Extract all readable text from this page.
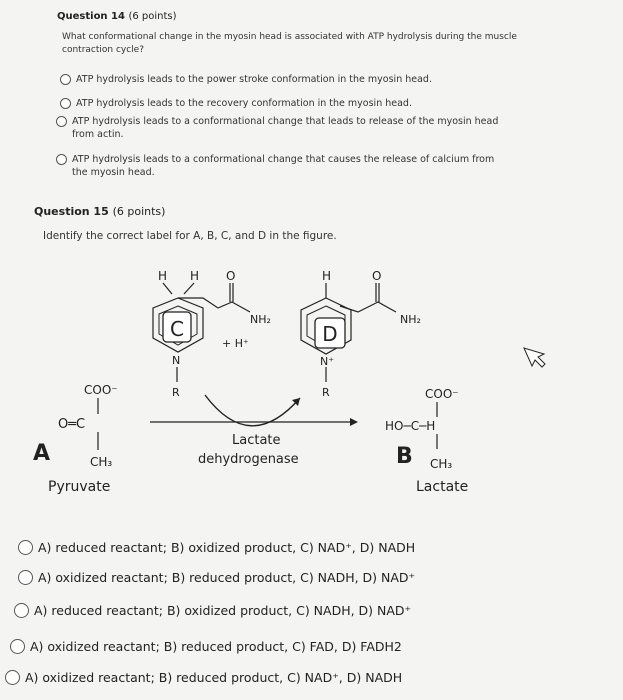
Question 14 (6 points)
What conformational change in the myosin head is associated with ATP hydrolysis during the muscle contraction cycle?
ATP hydrolysis leads to the power stroke conformation in the myosin head.
ATP hydrolysis leads to the recovery conformation in the myosin head.
ATP hydrolysis leads to a conformational change that leads to release of the myosin head from actin.
ATP hydrolysis leads to a conformational change that causes the release of calcium from the myosin head.
Question 15 (6 points)
Identify the correct label for A, B, C, and D in the figure.
H H O
C
N
R
NH₂
+ H⁺
H	O
D
N⁺
R
NH₂
Lactate
dehydrogenase
COO⁻
O═C
A	CH₃
Pyruvate
COO⁻
HO─C─H
B CH₃
Lactate
A) reduced reactant; B) oxidized product, C) NAD⁺, D) NADH
A) oxidized reactant; B) reduced product, C) NADH, D) NAD⁺
A) reduced reactant; B) oxidized product, C) NADH, D) NAD⁺
A) oxidized reactant; B) reduced product, C) FAD, D) FADH2
A) oxidized reactant; B) reduced product, C) NAD⁺, D) NADH
